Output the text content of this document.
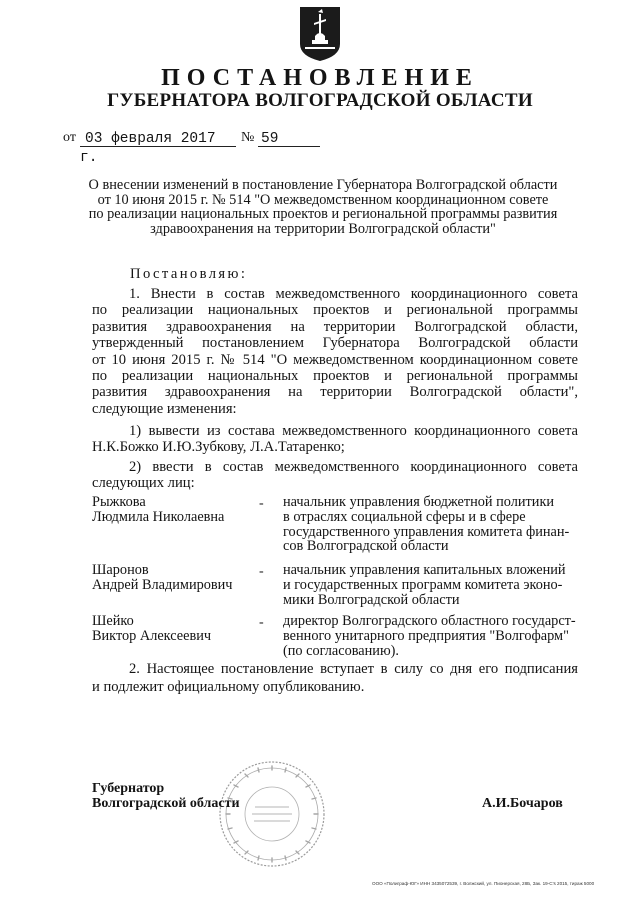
ПОСТАНОВЛЕНИЕ
ГУБЕРНАТОРА ВОЛГОГРАДСКОЙ ОБЛАСТИ
от 03 февраля 2017 г.
№ 59
О внесении изменений в постановление Губернатора Волгоградской области
от 10 июня 2015 г. № 514 "О межведомственном координационном совете
по реализации национальных проектов и региональной программы развития
здравоохранения на территории Волгоградской области"
Постановляю:
1. Внести в состав межведомственного координационного совета
по реализации национальных проектов и региональной программы
развития здравоохранения на территории Волгоградской области,
утвержденный постановлением Губернатора Волгоградской области
от 10 июня 2015 г. № 514 "О межведомственном координационном совете
по реализации национальных проектов и региональной программы
развития здравоохранения на территории Волгоградской области",
следующие изменения:
1) вывести из состава межведомственного координационного совета
Н.К.Божко И.Ю.Зубкову, Л.А.Татаренко;
2) ввести в состав межведомственного координационного совета
следующих лиц:
Рыжкова
Людмила Николаевна
- начальник управления бюджетной политики
в отраслях социальной сферы и в сфере
государственного управления комитета финан-
сов Волгоградской области
Шаронов
Андрей Владимирович
- начальник управления капитальных вложений
и государственных программ комитета эконо-
мики Волгоградской области
Шейко
Виктор Алексеевич
- директор Волгоградского областного государст-
венного унитарного предприятия "Волгофарм"
(по согласованию).
2. Настоящее постановление вступает в силу со дня его подписания
и подлежит официальному опубликованию.
Губернатор
Волгоградской области	А.И.Бочаров
ООО «Полиграф-ЮГ» ИНН 3435072539, г. Волжский, ул. Пионерская, 28Б, Зак. 19-С's 2015, тираж 5000
